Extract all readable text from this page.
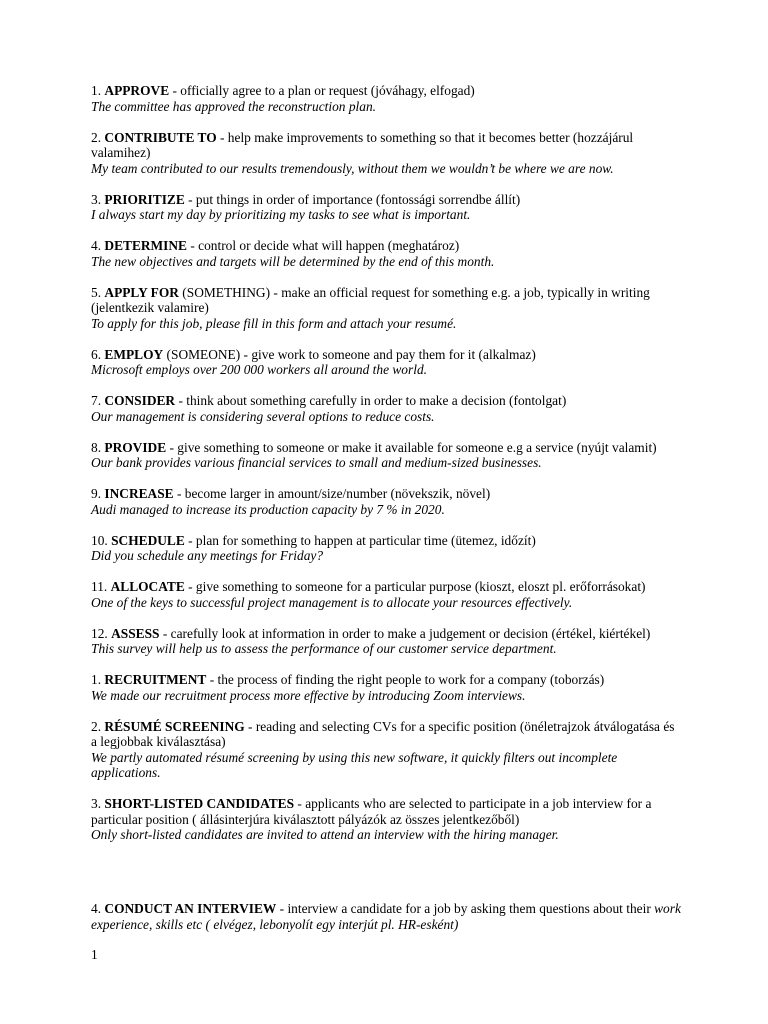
1. APPROVE - officially agree to a plan or request (jóváhagy, elfogad)
The committee has approved the reconstruction plan.
2. CONTRIBUTE TO - help make improvements to something so that it becomes better (hozzájárul valamihez)
My team contributed to our results tremendously, without them we wouldn’t be where we are now.
3. PRIORITIZE - put things in order of importance (fontossági sorrendbe állít)
I always start my day by prioritizing my tasks to see what is important.
4. DETERMINE - control or decide what will happen (meghatároz)
The new objectives and targets will be determined by the end of this month.
5. APPLY FOR (SOMETHING) - make an official request for something e.g. a job, typically in writing (jelentkezik valamire)
To apply for this job, please fill in this form and attach your resumé.
6. EMPLOY (SOMEONE) - give work to someone and pay them for it (alkalmaz)
Microsoft employs over 200 000 workers all around the world.
7. CONSIDER - think about something carefully in order to make a decision (fontolgat)
Our management is considering several options to reduce costs.
8. PROVIDE - give something to someone or make it available for someone e.g a service (nyújt valamit)
Our bank provides various financial services to small and medium-sized businesses.
9. INCREASE - become larger in amount/size/number (növekszik, növel)
Audi managed to increase its production capacity by 7 % in 2020.
10. SCHEDULE - plan for something to happen at particular time (ütemez, időzít)
Did you schedule any meetings for Friday?
11. ALLOCATE - give something to someone for a particular purpose (kioszt, eloszt pl. erőforrásokat)
One of the keys to successful project management is to allocate your resources effectively.
12. ASSESS - carefully look at information in order to make a judgement or decision (értékel, kiértékel)
This survey will help us to assess the performance of our customer service department.
1. RECRUITMENT - the process of finding the right people to work for a company (toborzás)
We made our recruitment process more effective by introducing Zoom interviews.
2. RÉSUMÉ SCREENING - reading and selecting CVs for a specific position (önéletrajzok átválogatása és a legjobbak kiválasztása)
We partly automated résumé screening by using this new software, it quickly filters out incomplete applications.
3. SHORT-LISTED CANDIDATES - applicants who are selected to participate in a job interview for a particular position ( állásinterjúra kiválasztott pályázók az összes jelentkezőből)
Only short-listed candidates are invited to attend an interview with the hiring manager.
4. CONDUCT AN INTERVIEW - interview a candidate for a job by asking them questions about their work experience, skills etc ( elvégez, lebonyolít egy interjút pl. HR-esként)
1
